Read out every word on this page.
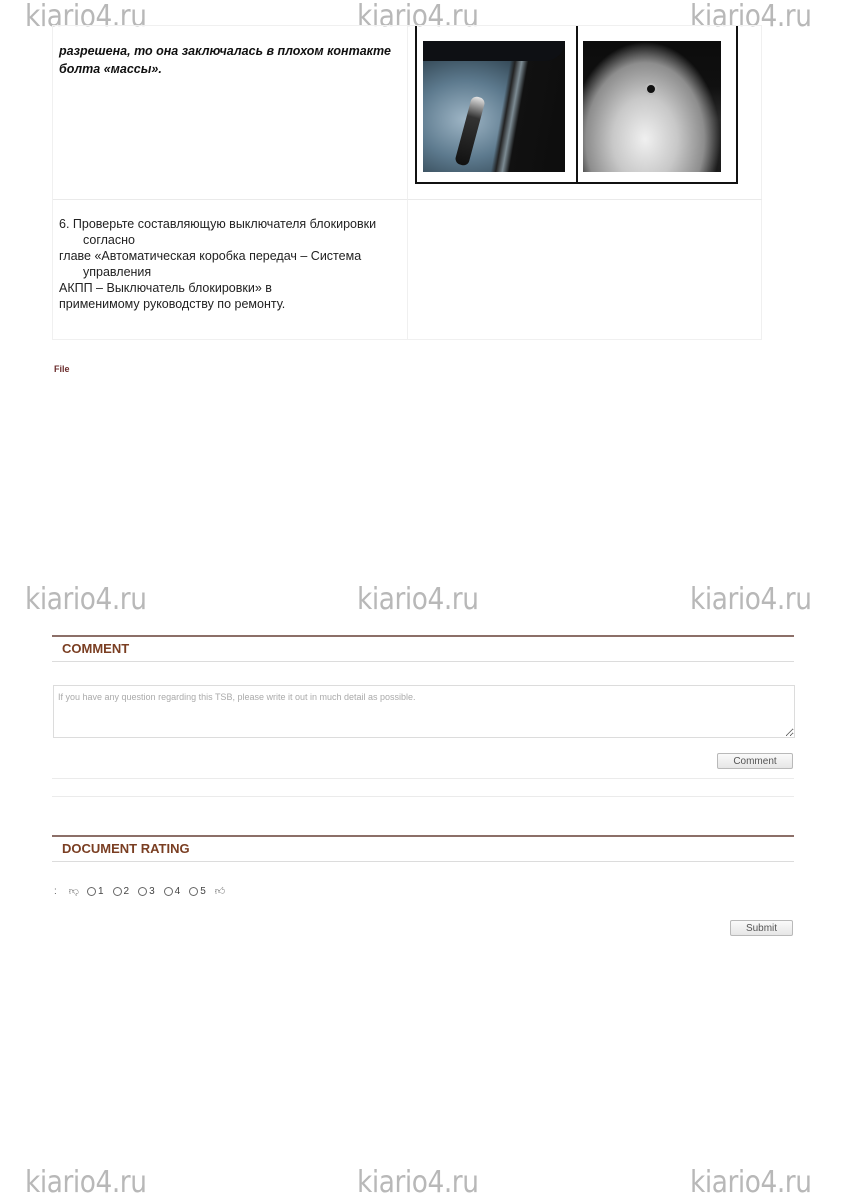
kiario4.ru	kiario4.ru	kiario4.ru
kiario4.ru	kiario4.ru	kiario4.ru
kiario4.ru	kiario4.ru	kiario4.ru
разрешена, то она заключалась в плохом контакте болта «массы».
6. Проверьте составляющую выключателя блокировки
согласно
главе «Автоматическая коробка передач – Система
управления
АКПП – Выключатель блокировки» в
применимому руководству по ремонту.
File
COMMENT
If you have any question regarding this TSB, please write it out in much detail as possible.
Comment
DOCUMENT RATING
: 👎︎ 1 2 3 4 5 👍︎
Submit
